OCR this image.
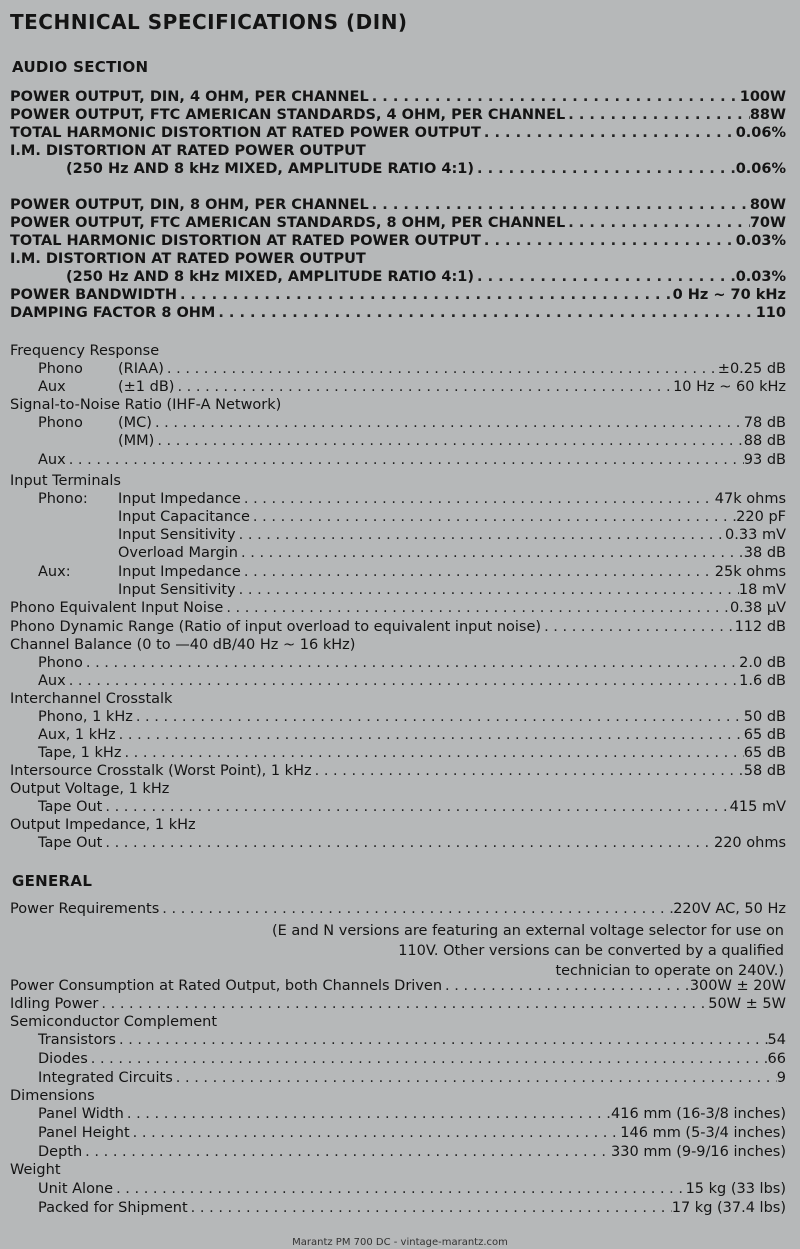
TECHNICAL SPECIFICATIONS (DIN)
AUDIO SECTION
GENERAL
POWER OUTPUT, DIN, 4 OHM, PER CHANNEL . . .	100W
POWER OUTPUT, FTC AMERICAN STANDARDS, 4 OHM, PER CHANNEL . . .	88W
TOTAL HARMONIC DISTORTION AT RATED POWER OUTPUT . . .	0.06%
I.M. DISTORTION AT RATED POWER OUTPUT
(250 Hz AND 8 kHz MIXED, AMPLITUDE RATIO 4:1) . . .	0.06%
POWER OUTPUT, DIN, 8 OHM, PER CHANNEL . . .	80W
POWER OUTPUT, FTC AMERICAN STANDARDS, 8 OHM, PER CHANNEL . . .	70W
TOTAL HARMONIC DISTORTION AT RATED POWER OUTPUT . . .	0.03%
I.M. DISTORTION AT RATED POWER OUTPUT
(250 Hz AND 8 kHz MIXED, AMPLITUDE RATIO 4:1) . . .	0.03%
POWER BANDWIDTH . . .	0 Hz ~ 70 kHz
DAMPING FACTOR 8 OHM . . .	110
Frequency Response
Phono	(RIAA) . . .	±0.25 dB
Aux	(±1 dB) . . .	10 Hz ~ 60 kHz
Signal-to-Noise Ratio (IHF-A Network)
Phono	(MC) . . .	78 dB
(MM) . . .	88 dB
Aux . . .	93 dB
Input Terminals
Phono:	Input Impedance . . .	47k ohms
Input Capacitance . . .	220 pF
Input Sensitivity . . .	0.33 mV
Overload Margin . . .	38 dB
Aux:	Input Impedance . . .	25k ohms
Input Sensitivity . . .	18 mV
Phono Equivalent Input Noise . . .	0.38 µV
Phono Dynamic Range (Ratio of input overload to equivalent input noise) . . .	112 dB
Channel Balance (0 to —40 dB/40 Hz ~ 16 kHz)
Phono . . .	2.0 dB
Aux . . .	1.6 dB
Interchannel Crosstalk
Phono, 1 kHz . . .	50 dB
Aux, 1 kHz . . .	65 dB
Tape, 1 kHz . . .	65 dB
Intersource Crosstalk (Worst Point), 1 kHz . . .	58 dB
Output Voltage, 1 kHz
Tape Out . . .	415 mV
Output Impedance, 1 kHz
Tape Out . . .	220 ohms
Power Requirements . . .	220V AC, 50 Hz
Power Consumption at Rated Output, both Channels Driven . . .	300W ± 20W
Idling Power . . .	50W ± 5W
Semiconductor Complement
Transistors . . .	54
Diodes . . .	66
Integrated Circuits . . .	9
Dimensions
Panel Width . . .	416 mm (16-3/8 inches)
Panel Height . . .	146 mm (5-3/4 inches)
Depth . . .	330 mm (9-9/16 inches)
Weight
Unit Alone . . .	15 kg (33 lbs)
Packed for Shipment . . .	17 kg (37.4 lbs)
(E and N versions are featuring an external voltage selector for use on
110V. Other versions can be converted by a qualified
technician to operate on 240V.)
Marantz PM 700 DC - vintage-marantz.com
